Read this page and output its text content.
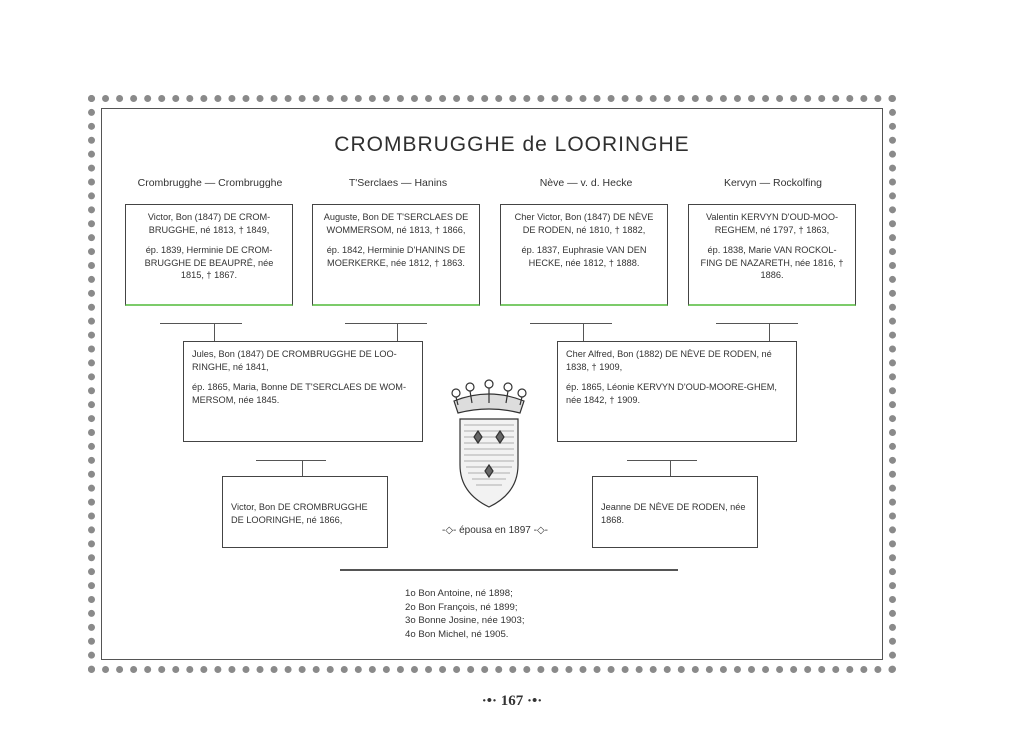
CROMBRUGGHE de LOORINGHE
Crombrugghe — Crombrugghe	T'Serclaes — Hanins	Nève — v. d. Hecke	Kervyn — Rockolfing
Victor, Bon (1847) DE CROM-BRUGGHE, né 1813, † 1849,
ép. 1839, Herminie DE CROM-BRUGGHE DE BEAUPRÉ, née 1815, † 1867.
Auguste, Bon DE T'SERCLAES DE WOMMERSOM, né 1813, † 1866,
ép. 1842, Herminie D'HANINS DE MOERKERKE, née 1812, † 1863.
Cher Victor, Bon (1847) DE NÈVE DE RODEN, né 1810, † 1882,
ép. 1837, Euphrasie VAN DEN HECKE, née 1812, † 1888.
Valentin KERVYN D'OUD-MOO-REGHEM, né 1797, † 1863,
ép. 1838, Marie VAN ROCKOL-FING DE NAZARETH, née 1816, † 1886.
Jules, Bon (1847) DE CROMBRUGGHE DE LOO-RINGHE, né 1841,
ép. 1865, Maria, Bonne DE T'SERCLAES DE WOM-MERSOM, née 1845.
Cher Alfred, Bon (1882) DE NÈVE DE RODEN, né 1838, † 1909,
ép. 1865, Léonie KERVYN D'OUD-MOORE-GHEM, née 1842, † 1909.
Victor, Bon DE CROMBRUGGHE DE LOORINGHE, né 1866,
-◇- épousa en 1897 -◇-
Jeanne DE NÈVE DE RODEN, née 1868.
1o Bon Antoine, né 1898;
2o Bon François, né 1899;
3o Bonne Josine, née 1903;
4o Bon Michel, né 1905.
·•· 167 ·•·
